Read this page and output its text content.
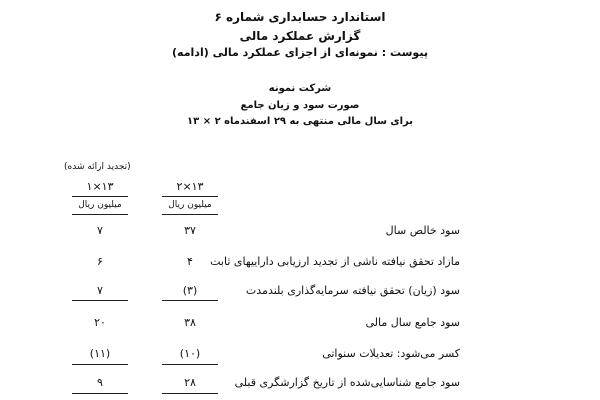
استاندارد حسابداری شماره ۶
گزارش عملکرد مالی
پیوست : نمونه‌ای از اجزای عملکرد مالی (ادامه)
شرکت نمونه
صورت سود و زیان جامع
برای سال مالی منتهی به ۲۹ اسفندماه ۲ × ۱۳
(تجدید ارائه شده)
۱۳×۱	۱۳×۲
میلیون ریال	میلیون ریال
سود خالص سال
۳۷
۷
مازاد تحقق نیافته ناشی از تجدید ارزیابی داراییهای ثابت
۴
۶
سود (زیان) تحقق نیافته سرمایه‌گذاری بلندمدت
(۳)
۷
سود جامع سال مالی
۳۸
۲۰
کسر می‌شود: تعدیلات سنواتی
(۱۰)
(۱۱)
سود جامع شناسایی‌شده از تاریخ گزارشگری قبلی
۲۸
۹
